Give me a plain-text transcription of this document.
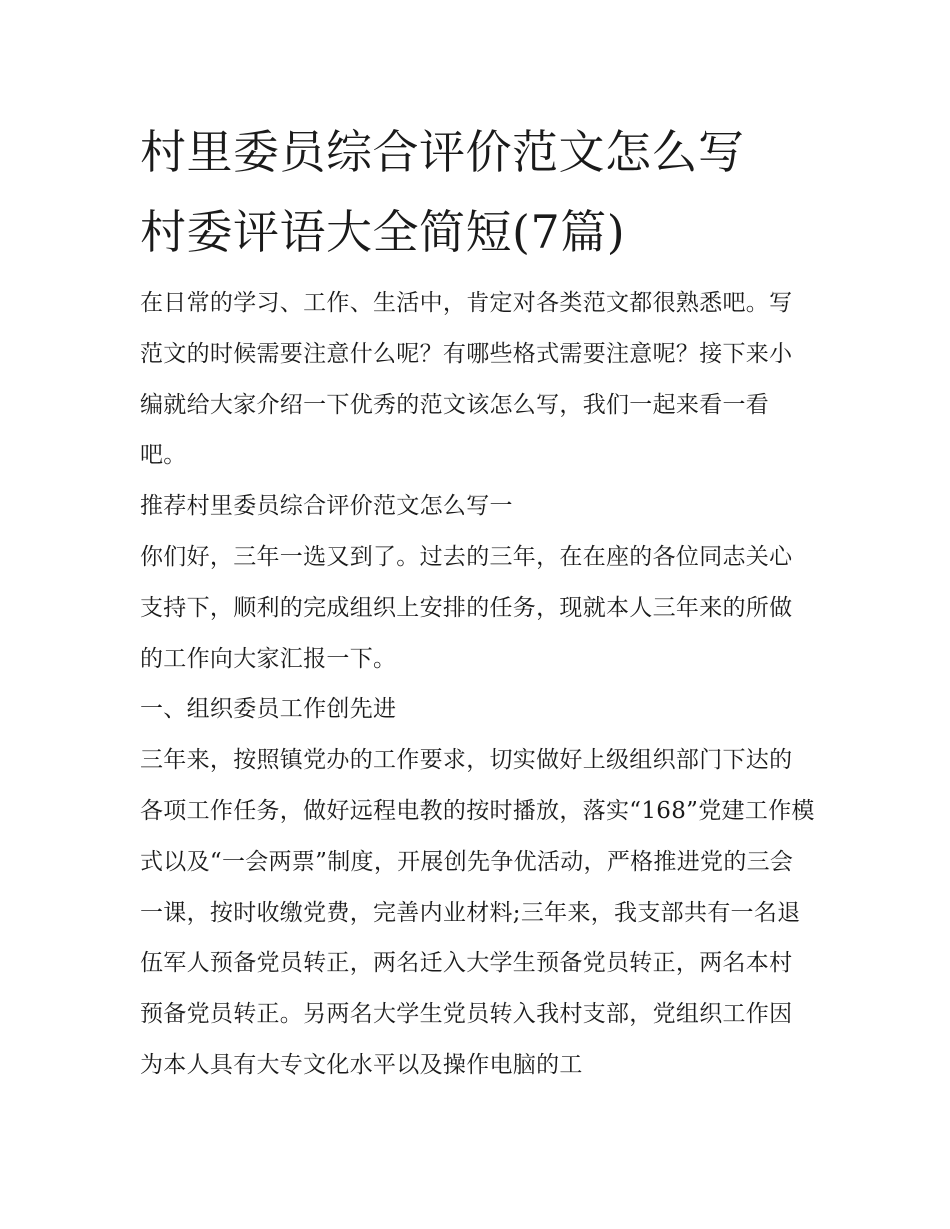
村里委员综合评价范文怎么写
村委评语大全简短(7篇)

在日常的学习、工作、生活中，肯定对各类范文都很熟悉吧。写范文的时候需要注意什么呢？有哪些格式需要注意呢？接下来小编就给大家介绍一下优秀的范文该怎么写，我们一起来看一看吧。

推荐村里委员综合评价范文怎么写一

你们好，三年一选又到了。过去的三年，在在座的各位同志关心支持下，顺利的完成组织上安排的任务，现就本人三年来的所做的工作向大家汇报一下。

一、组织委员工作创先进

三年来，按照镇党办的工作要求，切实做好上级组织部门下达的各项工作任务，做好远程电教的按时播放，落实“168”党建工作模式以及“一会两票”制度，开展创先争优活动，严格推进党的三会一课，按时收缴党费，完善内业材料;三年来，我支部共有一名退伍军人预备党员转正，两名迁入大学生预备党员转正，两名本村预备党员转正。另两名大学生党员转入我村支部，党组织工作因为本人具有大专文化水平以及操作电脑的工
